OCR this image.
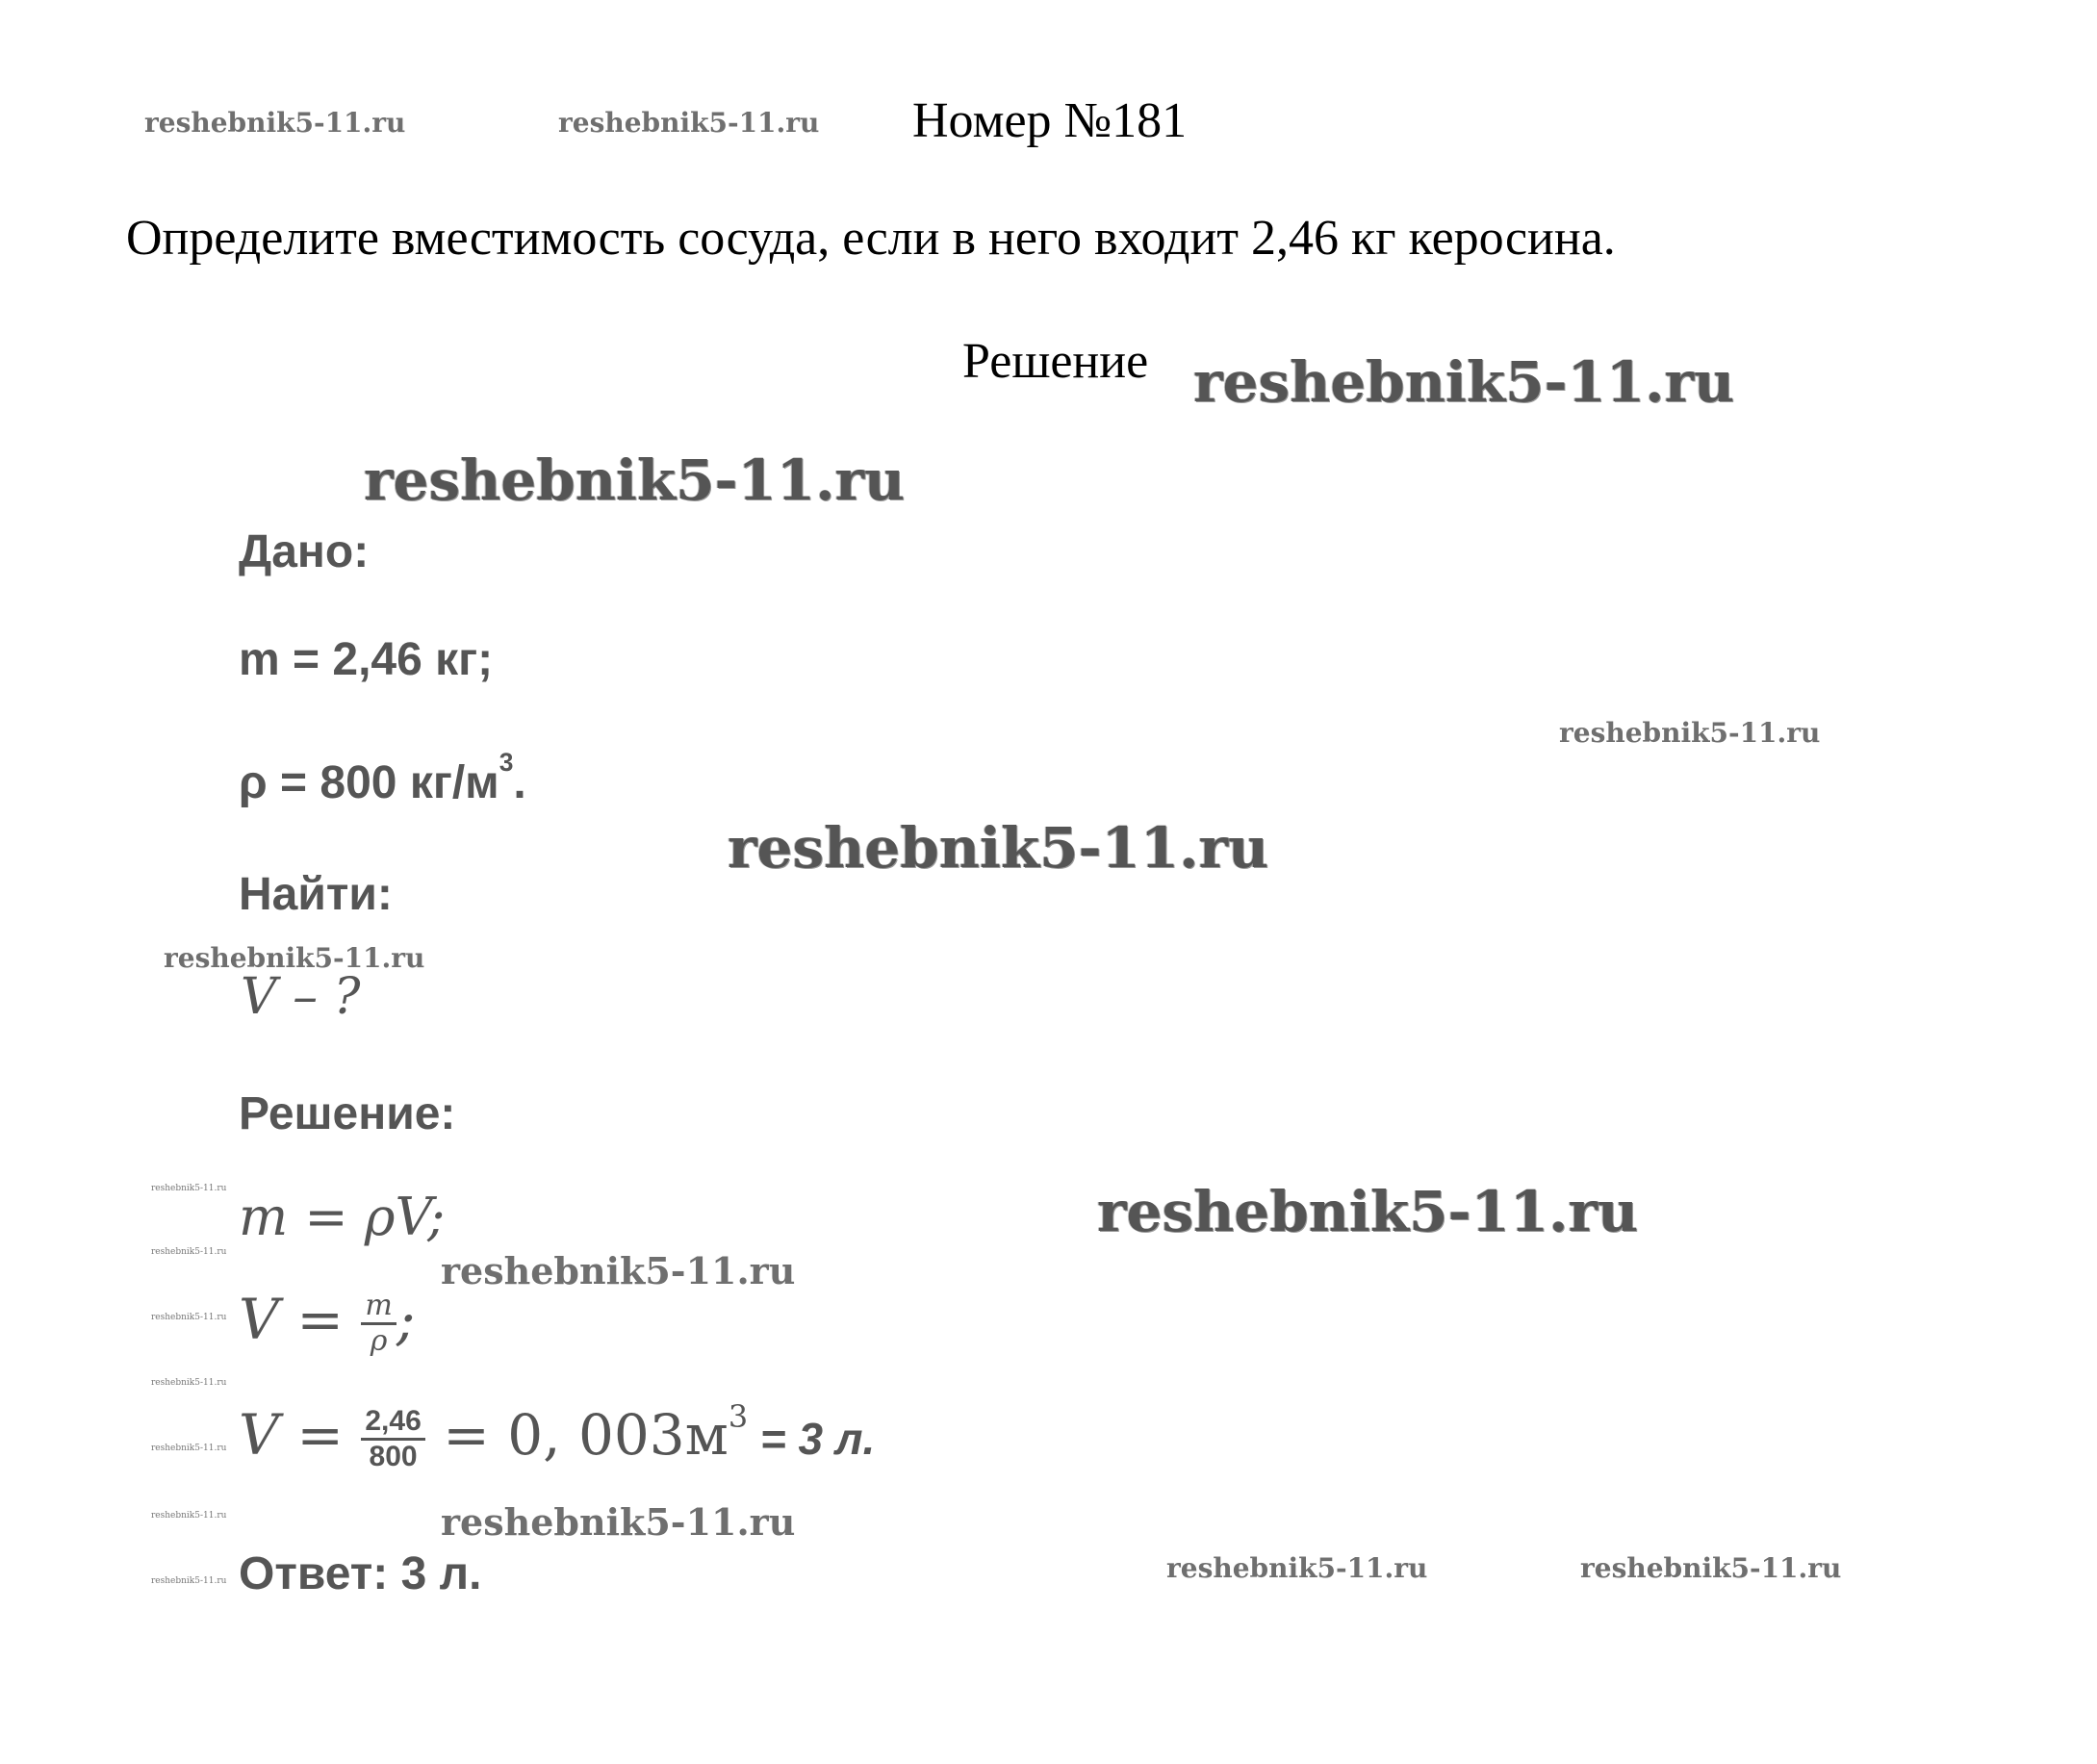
reshebnik5-11.ru	reshebnik5-11.ru Номер №181
Определите вместимость сосуда, если в него входит 2,46 кг керосина.
Решение reshebnik5-11.ru
reshebnik5-11.ru
Дано:
m = 2,46 кг;
reshebnik5-11.ru
ρ = 800 $кг/м^3$.
reshebnik5-11.ru
Найти:
reshebnik5-11.ru
V – ?
Решение:
m = ρV;	reshebnik5-11.ru
reshebnik5-11.ru
$V = \frac{m}{\rho}$ ;
$V = \frac{2,46}{800} = 0$, $003м^3 = 3$ л.
reshebnik5-11.ru
Ответ: 3 л.	reshebnik5-11.ru	reshebnik5-11.ru
reshebnik5-11.ru
reshebnik5-11.ru
reshebnik5-11.ru
reshebnik5-11.ru
reshebnik5-11.ru
reshebnik5-11.ru
reshebnik5-11.ru
